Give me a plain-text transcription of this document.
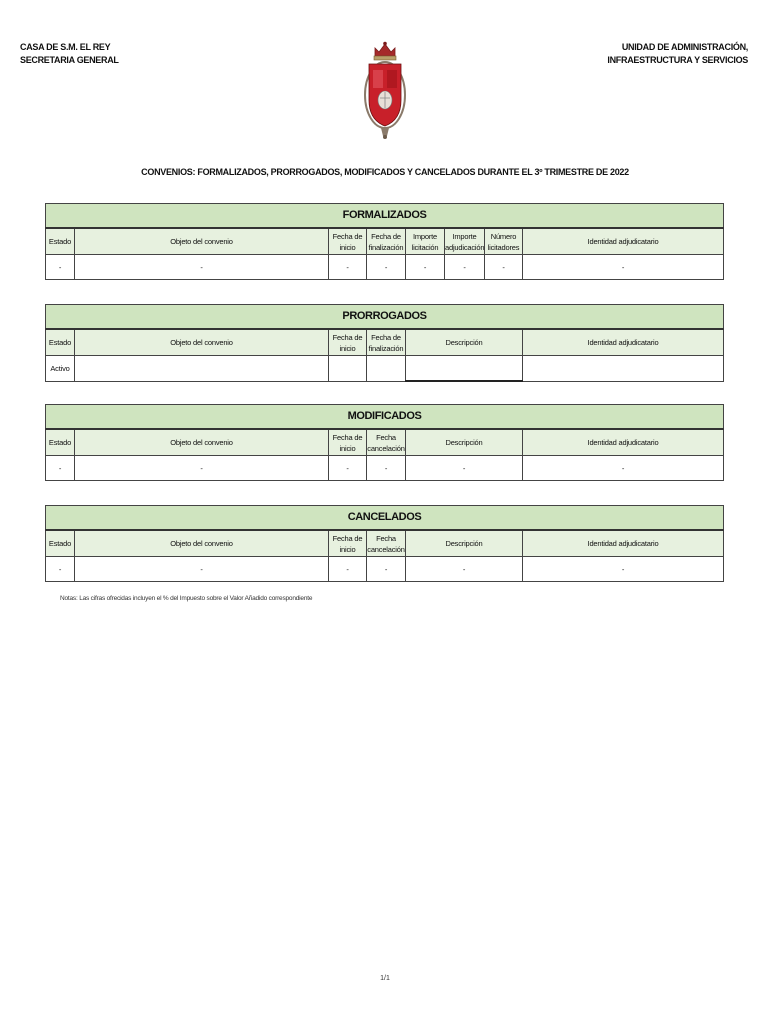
CASA DE S.M. EL REY
SECRETARIA GENERAL
UNIDAD DE ADMINISTRACIÓN,
INFRAESTRUCTURA Y SERVICIOS
CONVENIOS: FORMALIZADOS, PRORROGADOS, MODIFICADOS Y CANCELADOS DURANTE EL 3º TRIMESTRE DE 2022
FORMALIZADOS							
Estado	Objeto del convenio	Fecha de inicio	Fecha de finalización	Importe licitación	Importe adjudicación	Número licitadores	Identidad adjudicatario
-	-	-	-	-	-	-	-
PRORROGADOS					
Estado	Objeto del convenio	Fecha de inicio	Fecha de finalización	Descripción	Identidad adjudicatario
Activo					
MODIFICADOS					
Estado	Objeto del convenio	Fecha de inicio	Fecha cancelación	Descripción	Identidad adjudicatario
-	-	-	-	-	-
CANCELADOS					
Estado	Objeto del convenio	Fecha de inicio	Fecha cancelación	Descripción	Identidad adjudicatario
-	-	-	-	-	-
Notas: Las cifras ofrecidas incluyen el % del Impuesto sobre el Valor Añadido correspondiente
1/1
